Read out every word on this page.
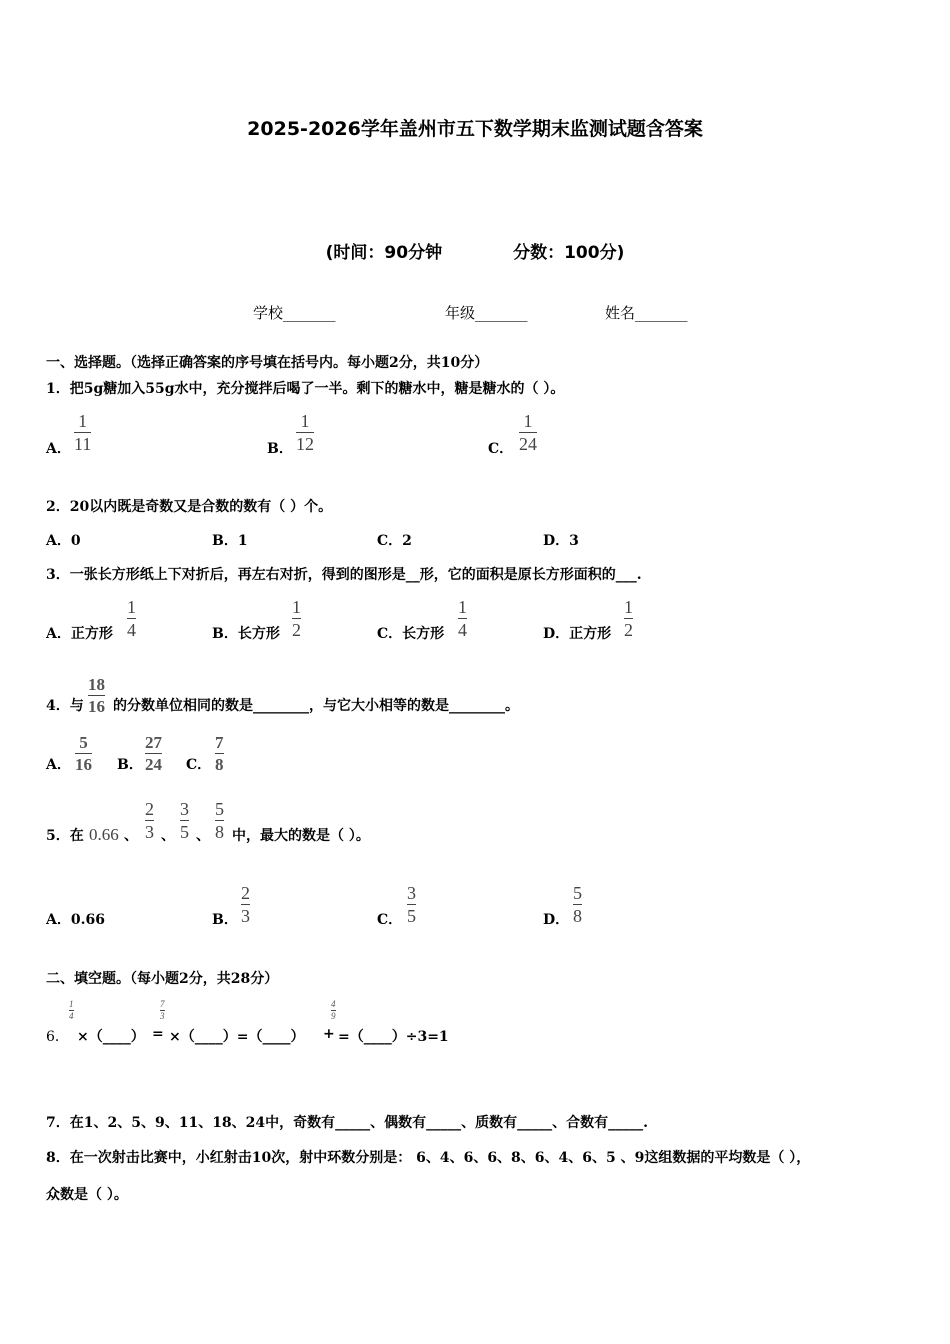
2025-2026学年盖州市五下数学期末监测试题含答案
(时间：90分钟            分数：100分)
学校_______	年级_______	姓名_______
一、选择题。（选择正确答案的序号填在括号内。每小题2分，共10分）
1．把5g糖加入55g水中，充分搅拌后喝了一半。剩下的糖水中，糖是糖水的（ ）。
A．
1
11	B．
1
12	C．
1
24
2．20以内既是奇数又是合数的数有（ ）个。
A．0	B．1	C．2	D．3
3．一张长方形纸上下对折后，再左右对折，得到的图形是__形，它的面积是原长方形面积的___.
A．正方形
1
4	B．长方形
1
2	C．长方形
1
4	D．正方形
1
2
4．与
18
16 的分数单位相同的数是________，与它大小相等的数是________。
A．
5
16 B．
27
24 C．
7
8
5．在 0.66 、
2
3 、
3
5 、
5
8 中，最大的数是（ ）。
A．0.66	B．
2
3	C．
3
5	D．
5
8
二、填空题。（每小题2分，共28分）
6．
1
4
×（____） =
7
3
×（____）=（____） +
4
9
=（____）÷3=1
7．在1、2、5、9、11、18、24中，奇数有_____、偶数有_____、质数有_____、合数有_____.
8．在一次射击比赛中，小红射击10次，射中环数分别是： 6、4、6、6、8、6、4、6、5 、9这组数据的平均数是（ ），
众数是（ ）。
